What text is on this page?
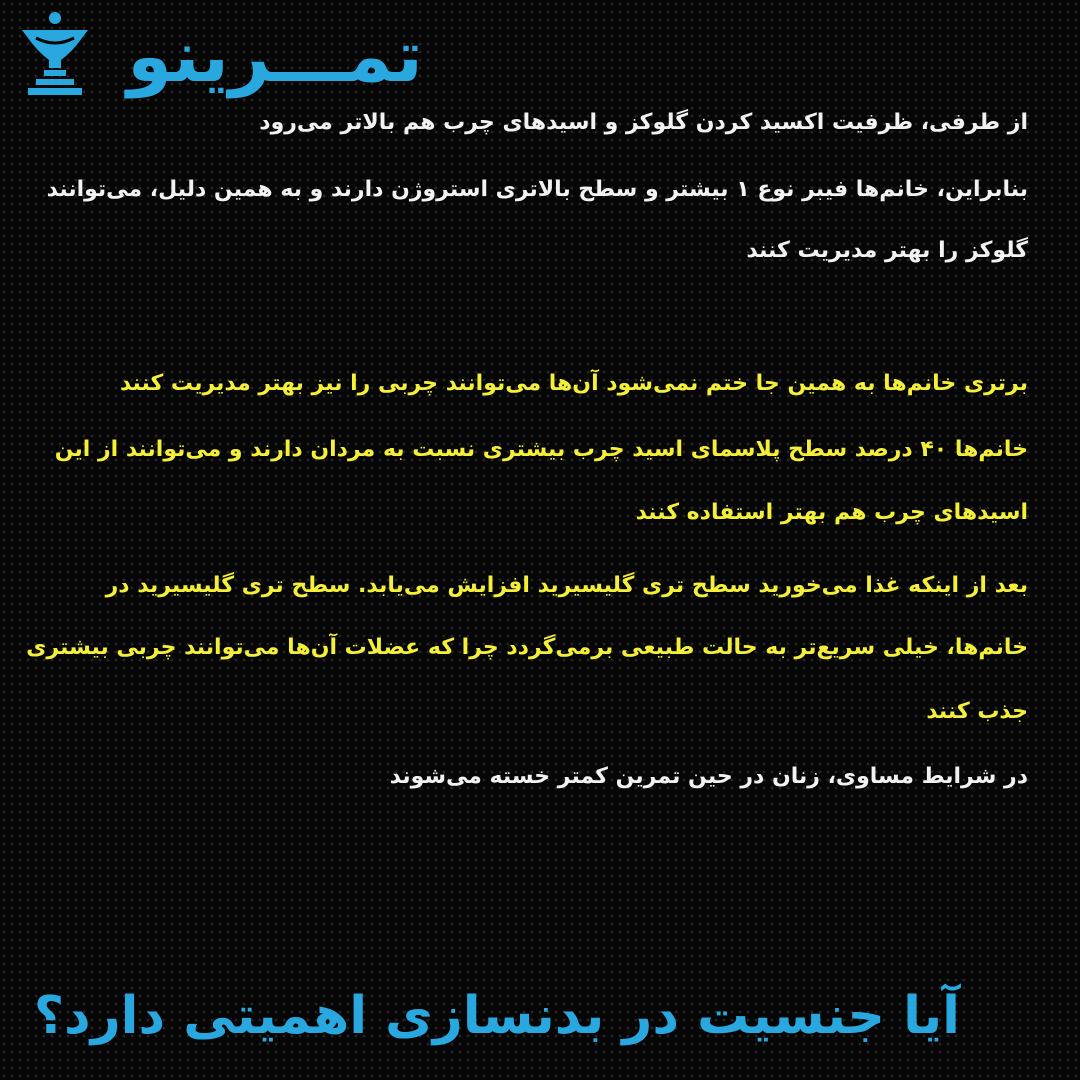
تمـــرینو
از طرفی، ظرفیت اکسید کردن گلوکز و اسیدهای چرب هم بالاتر می‌رود
بنابراین، خانم‌ها فیبر نوع ۱ بیشتر و سطح بالاتری استروژن دارند و به همین دلیل، می‌توانند
گلوکز را بهتر مدیریت کنند
برتری خانم‌ها به همین جا ختم نمی‌شود آن‌ها می‌توانند چربی را نیز بهتر مدیریت کنند
خانم‌ها ۴۰ درصد سطح پلاسمای اسید چرب بیشتری نسبت به مردان دارند و می‌توانند از این
اسیدهای چرب هم بهتر استفاده کنند
بعد از اینکه غذا می‌خورید سطح تری گلیسیرید افزایش می‌یابد. سطح تری گلیسیرید در
خانم‌ها، خیلی سریع‌تر به حالت طبیعی برمی‌گردد چرا که عضلات آن‌ها می‌توانند چربی بیشتری
جذب کنند
در شرایط مساوی، زنان در حین تمرین کمتر خسته می‌شوند
آیا جنسیت در بدنسازی اهمیتی دارد؟
